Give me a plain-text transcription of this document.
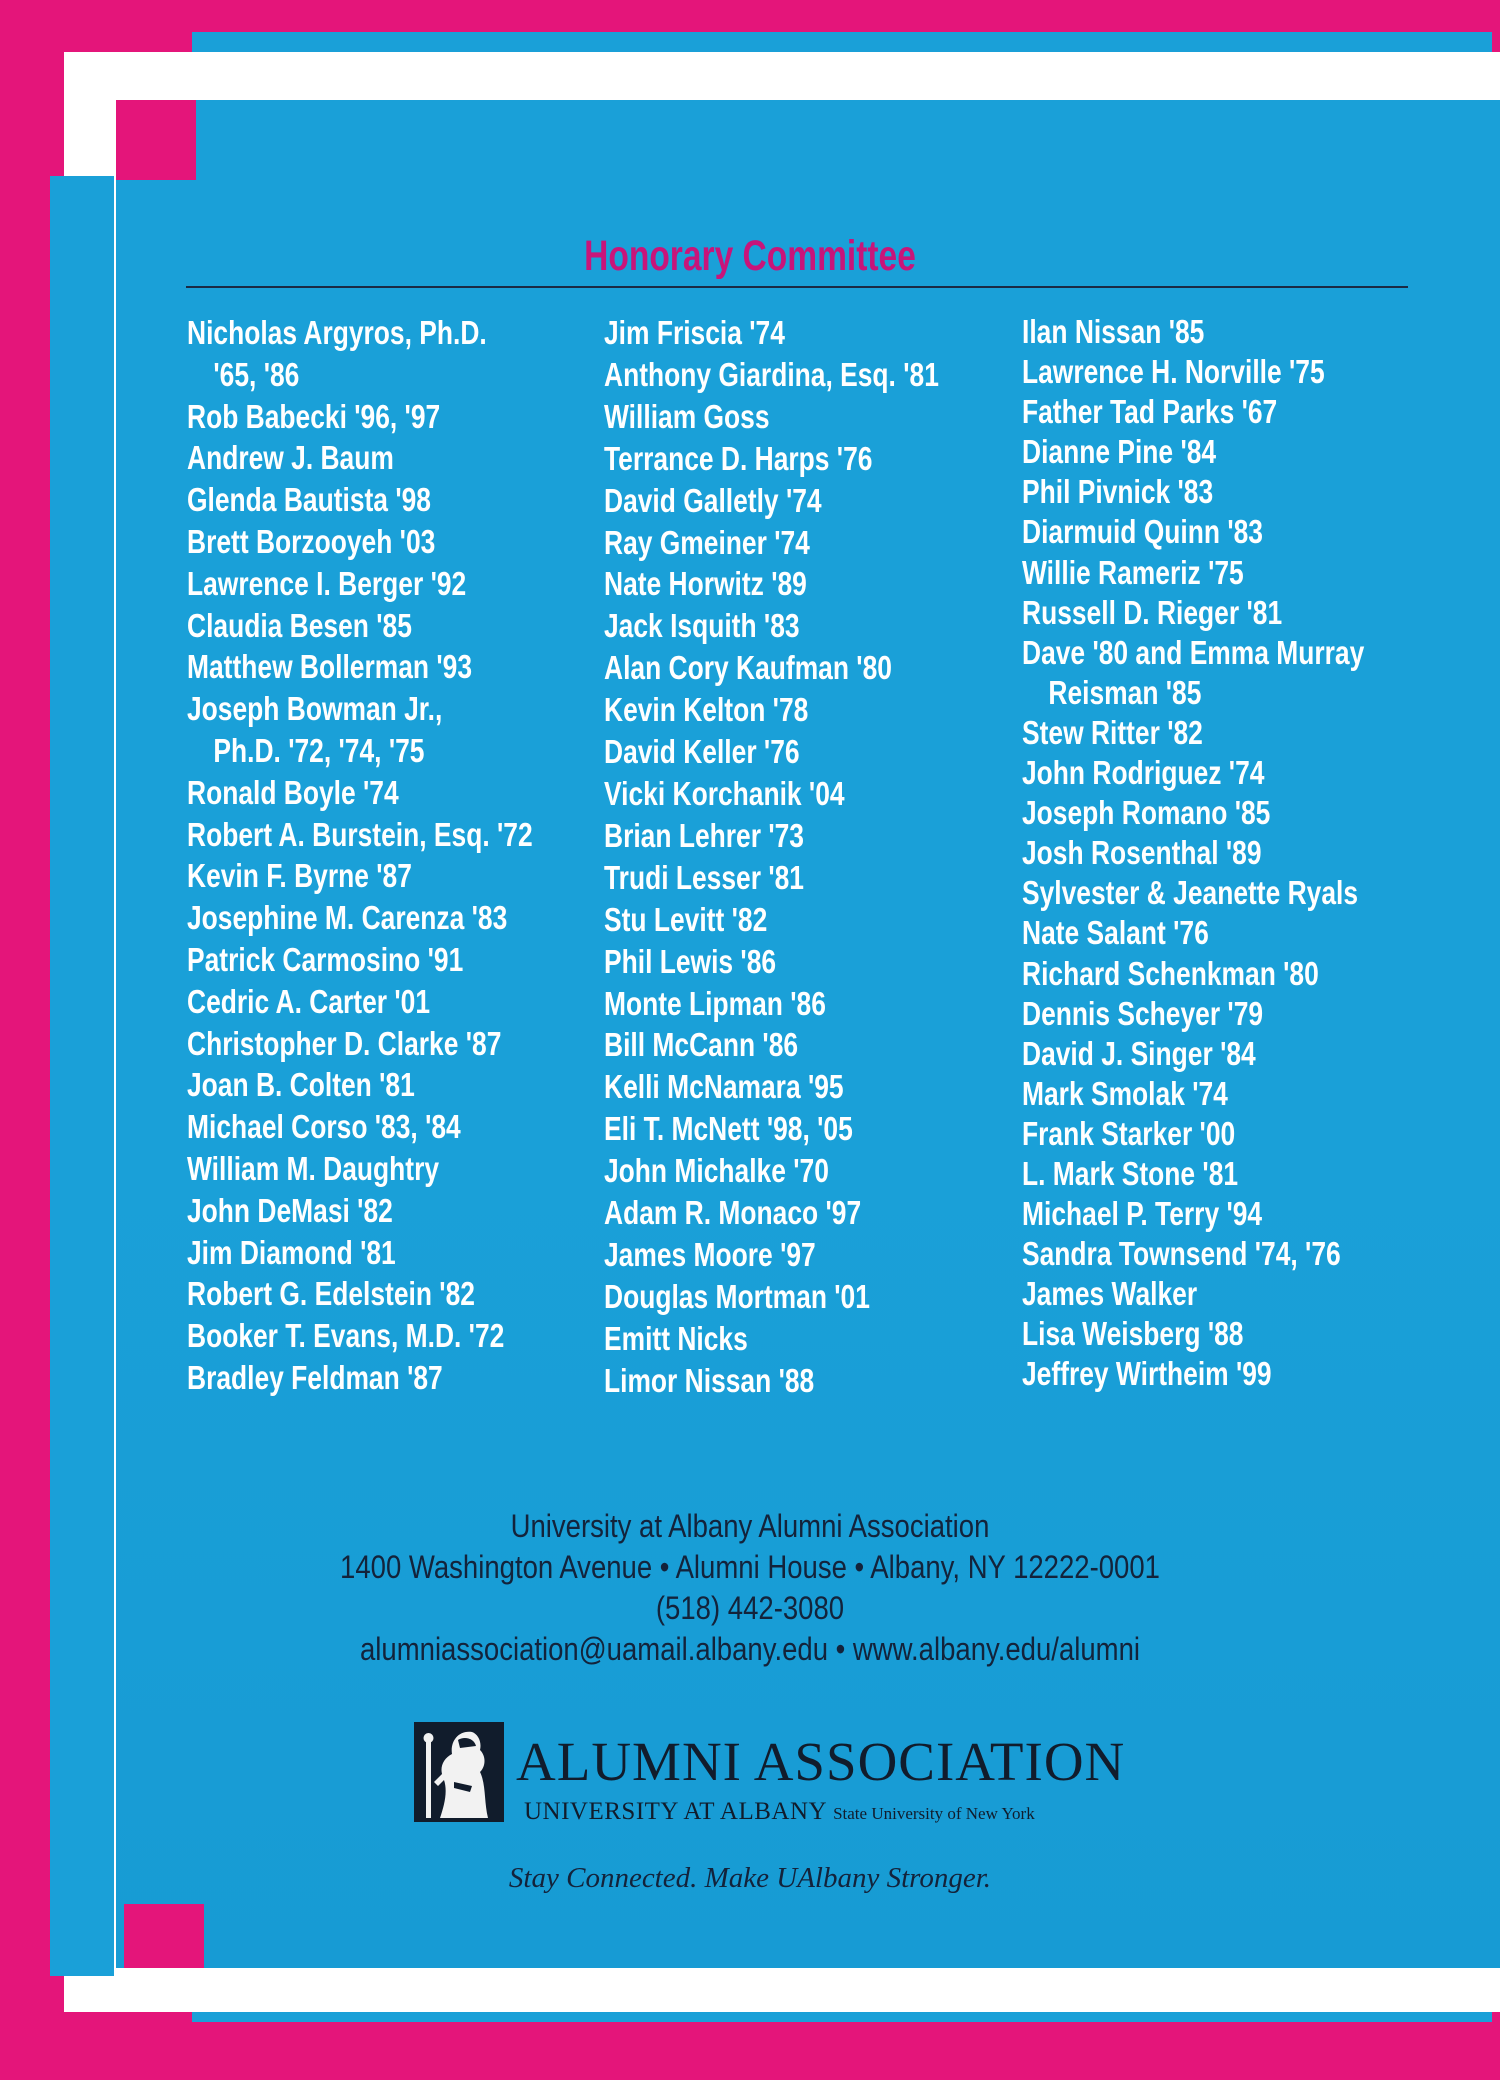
Honorary Committee
Nicholas Argyros, Ph.D.
 '65, '86
Rob Babecki '96, '97
Andrew J. Baum
Glenda Bautista '98
Brett Borzooyeh '03
Lawrence I. Berger '92
Claudia Besen '85
Matthew Bollerman '93
Joseph Bowman Jr.,
 Ph.D. '72, '74, '75
Ronald Boyle '74
Robert A. Burstein, Esq. '72
Kevin F. Byrne '87
Josephine M. Carenza '83
Patrick Carmosino '91
Cedric A. Carter '01
Christopher D. Clarke '87
Joan B. Colten '81
Michael Corso '83, '84
William M. Daughtry
John DeMasi '82
Jim Diamond '81
Robert G. Edelstein '82
Booker T. Evans, M.D. '72
Bradley Feldman '87
Jim Friscia '74
Anthony Giardina, Esq. '81
William Goss
Terrance D. Harps '76
David Galletly '74
Ray Gmeiner '74
Nate Horwitz '89
Jack Isquith '83
Alan Cory Kaufman '80
Kevin Kelton '78
David Keller '76
Vicki Korchanik '04
Brian Lehrer '73
Trudi Lesser '81
Stu Levitt '82
Phil Lewis '86
Monte Lipman '86
Bill McCann '86
Kelli McNamara '95
Eli T. McNett '98, '05
John Michalke '70
Adam R. Monaco '97
James Moore '97
Douglas Mortman '01
Emitt Nicks
Limor Nissan '88
Ilan Nissan '85
Lawrence H. Norville '75
Father Tad Parks '67
Dianne Pine '84
Phil Pivnick '83
Diarmuid Quinn '83
Willie Rameriz '75
Russell D. Rieger '81
Dave '80 and Emma Murray
 Reisman '85
Stew Ritter '82
John Rodriguez '74
Joseph Romano '85
Josh Rosenthal '89
Sylvester & Jeanette Ryals
Nate Salant '76
Richard Schenkman '80
Dennis Scheyer '79
David J. Singer '84
Mark Smolak '74
Frank Starker '00
L. Mark Stone '81
Michael P. Terry '94
Sandra Townsend '74, '76
James Walker
Lisa Weisberg '88
Jeffrey Wirtheim '99
University at Albany Alumni Association
1400 Washington Avenue • Alumni House • Albany, NY 12222-0001
(518) 442-3080
alumniassociation@uamail.albany.edu • www.albany.edu/alumni
ALUMNI ASSOCIATION
UNIVERSITY AT ALBANY State University of New York
Stay Connected. Make UAlbany Stronger.
